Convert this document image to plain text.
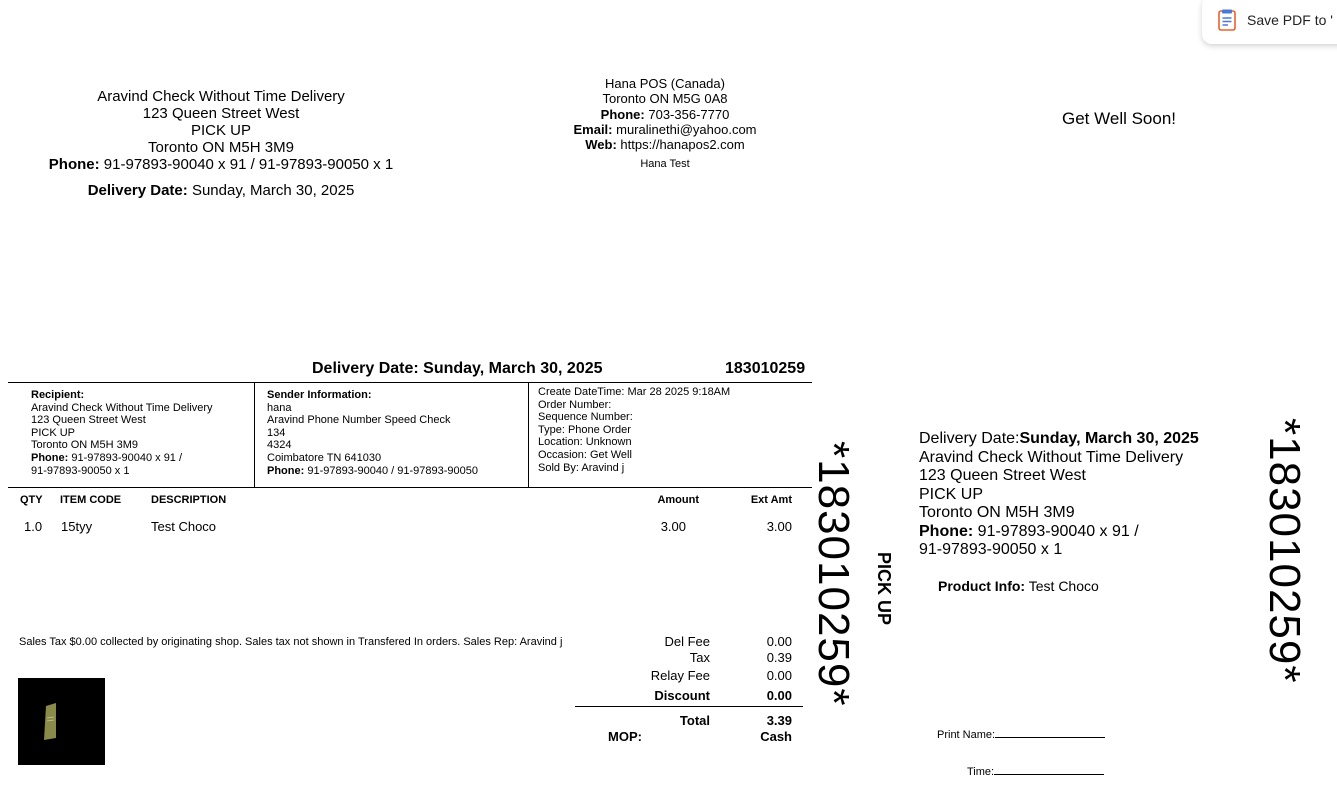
Save PDF to '
Aravind Check Without Time Delivery
123 Queen Street West
PICK UP
Toronto ON M5H 3M9
Phone: 91-97893-90040 x 91 / 91-97893-90050 x 1
Delivery Date: Sunday, March 30, 2025
Hana POS (Canada)
Toronto ON M5G 0A8
Phone: 703-356-7770
Email: muralinethi@yahoo.com
Web: https://hanapos2.com
Hana Test
Get Well Soon!
Delivery Date: Sunday, March 30, 2025	183010259
Recipient:
Aravind Check Without Time Delivery
123 Queen Street West
PICK UP
Toronto ON M5H 3M9
Phone: 91-97893-90040 x 91 /
91-97893-90050 x 1
Sender Information:
hana
Aravind Phone Number Speed Check
134
4324
Coimbatore TN 641030
Phone: 91-97893-90040 / 91-97893-90050
Create DateTime: Mar 28 2025 9:18AM
Order Number:
Sequence Number:
Type: Phone Order
Location: Unknown
Occasion: Get Well
Sold By: Aravind j
QTY ITEM CODE	DESCRIPTION	Amount	Ext Amt
1.0 15tyy	Test Choco	3.00	3.00
Sales Tax $0.00 collected by originating shop. Sales tax not shown in Transfered In orders. Sales Rep: Aravind j	Del Fee	0.00
Tax	0.39
Relay Fee	0.00
Discount	0.00
Total	3.39
MOP:	Cash
*183010259* PICK UP
Delivery Date:Sunday, March 30, 2025
Aravind Check Without Time Delivery
123 Queen Street West
PICK UP
Toronto ON M5H 3M9
Phone: 91-97893-90040 x 91 /
91-97893-90050 x 1
Product Info: Test Choco
Print Name:
Time:
*183010259*
